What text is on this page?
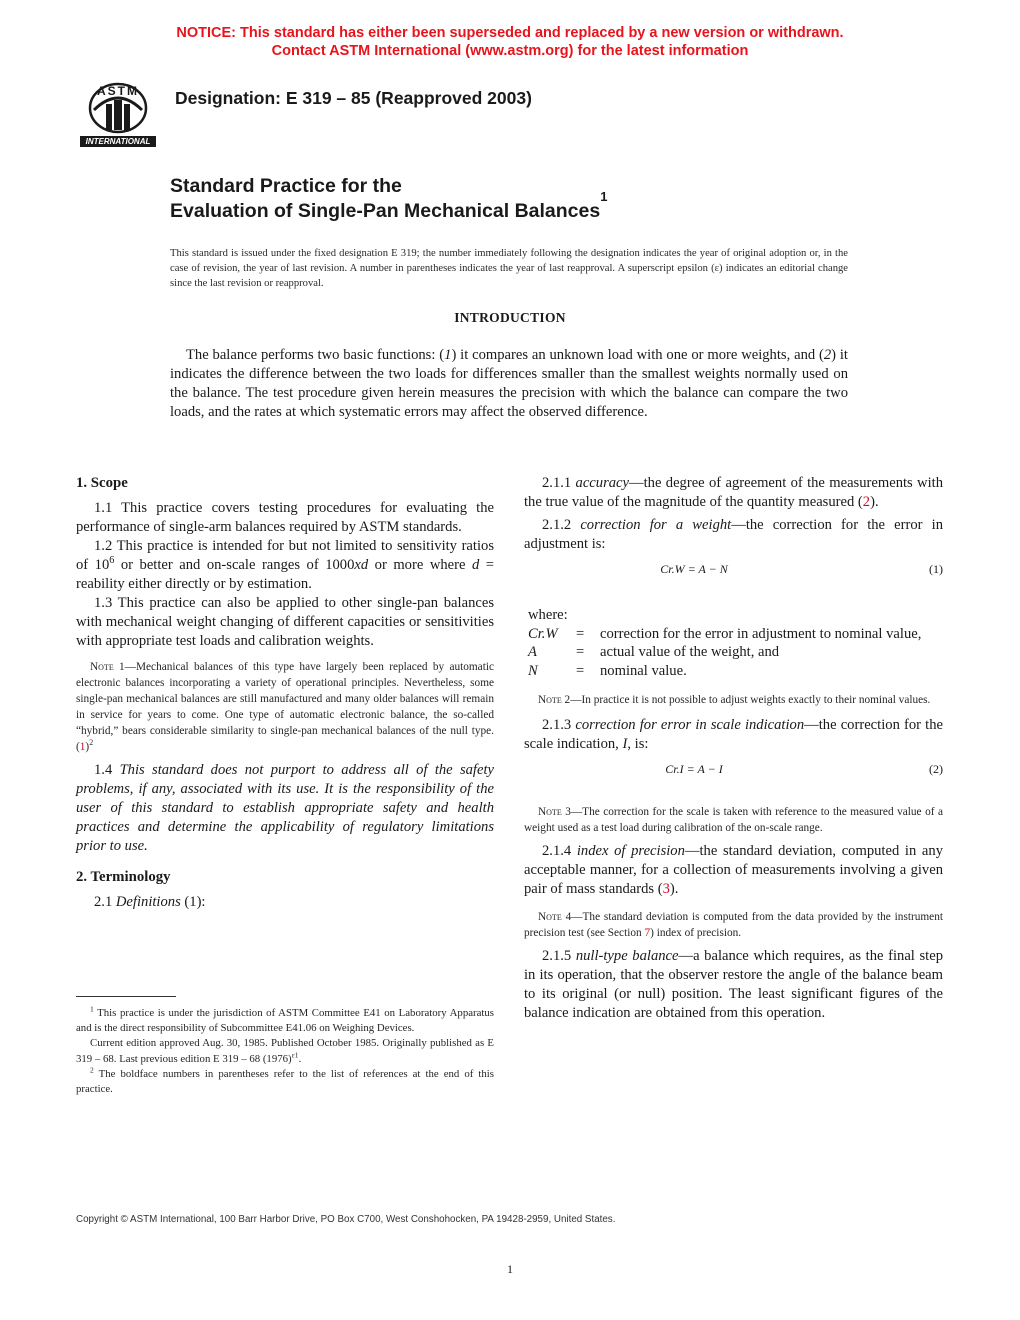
NOTICE: This standard has either been superseded and replaced by a new version or withdrawn.
Contact ASTM International (www.astm.org) for the latest information
INTERNATIONAL
ASTM	Designation: E 319 – 85 (Reapproved 2003)
Standard Practice for the
Evaluation of Single-Pan Mechanical Balances$^1$
This standard is issued under the fixed designation E 319; the number immediately following the designation indicates the year of original adoption or, in the case of revision, the year of last revision. A number in parentheses indicates the year of last reapproval. A superscript epsilon (ε) indicates an editorial change since the last revision or reapproval.
INTRODUCTION
The balance performs two basic functions: (1) it compares an unknown load with one or more weights, and (2) it indicates the difference between the two loads for differences smaller than the smallest weights normally used on the balance. The test procedure given herein measures the precision with which the balance can compare the two loads, and the rates at which systematic errors may affect the observed difference.
1. Scope

1.1 This practice covers testing procedures for evaluating the performance of single-arm balances required by ASTM standards.

1.2 This practice is intended for but not limited to sensitivity ratios of $10^6$ or better and on-scale ranges of 1000xd or more where d = reability either directly or by estimation.

1.3 This practice can also be applied to other single-pan balances with mechanical weight changing of different capacities or sensitivities with appropriate test loads and calibration weights.

Note 1—Mechanical balances of this type have largely been replaced by automatic electronic balances incorporating a variety of operational principles. Nevertheless, some single-pan mechanical balances are still manufactured and many older balances will remain in service for years to come. One type of automatic electronic balance, the so-called “hybrid,” bears considerable similarity to single-pan mechanical balances of the null type. $(1)^2$

1.4 This standard does not purport to address all of the safety problems, if any, associated with its use. It is the responsibility of the user of this standard to establish appropriate safety and health practices and determine the applicability of regulatory limitations prior to use.

2. Terminology

2.1 Definitions (1):

$^1$ This practice is under the jurisdiction of ASTM Committee E41 on Laboratory Apparatus and is the direct responsibility of Subcommittee E41.06 on Weighing Devices.

Current edition approved Aug. 30, 1985. Published October 1985. Originally published as E 319 – 68. Last previous edition E 319 – 68 $(1976)^{\varepsilon 1}$.

$^2$ The boldface numbers in parentheses refer to the list of references at the end of this practice.

2.1.1 accuracy—the degree of agreement of the measurements with the true value of the magnitude of the quantity measured (2).

2.1.2 correction for a weight—the correction for the error in adjustment is:

Cr.W = A − N	(1)
where:
Cr.W	=	correction for the error in adjustment to nominal value,
A	=	actual value of the weight, and
N	=	nominal value.

Note 2—In practice it is not possible to adjust weights exactly to their nominal values.

2.1.3 correction for error in scale indication—the correction for the scale indication, I, is:

Cr.I = A − I	(2)

Note 3—The correction for the scale is taken with reference to the measured value of a weight used as a test load during calibration of the on-scale range.

2.1.4 index of precision—the standard deviation, computed in any acceptable manner, for a collection of measurements involving a given pair of mass standards (3).

Note 4—The standard deviation is computed from the data provided by the instrument precision test (see Section 7) index of precision.

2.1.5 null-type balance—a balance which requires, as the final step in its operation, that the observer restore the angle of the balance beam to its original (or null) position. The least significant figures of the balance indication are obtained from this operation.

Copyright © ASTM International, 100 Barr Harbor Drive, PO Box C700, West Conshohocken, PA 19428-2959, United States.
1
